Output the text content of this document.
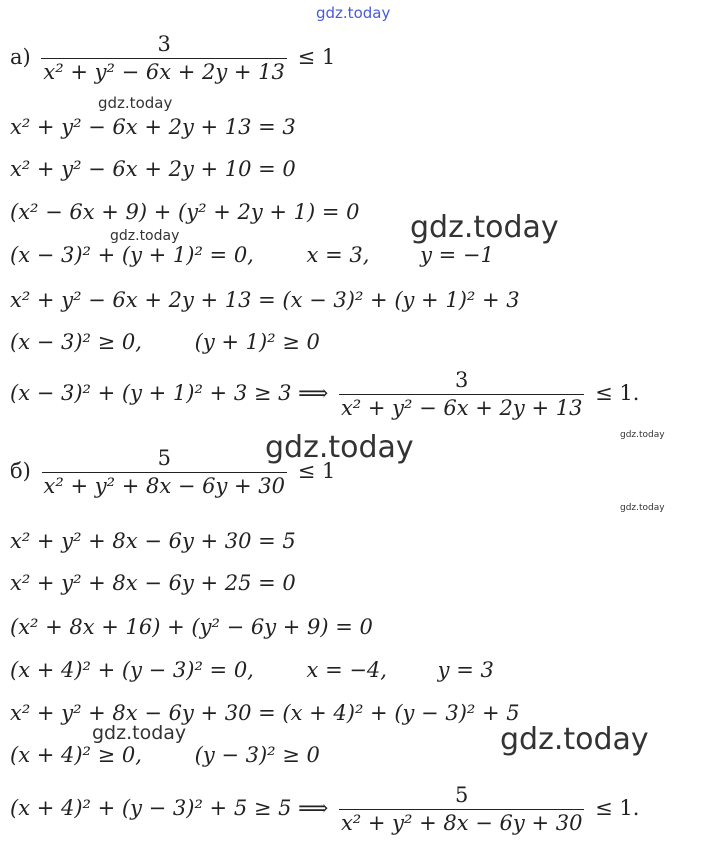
gdz.today
gdz.today
gdz.today	gdz.today
gdz.today
gdz.today
gdz.today
gdz.today	gdz.today
$а) \frac{3}{\text{x² + y² − 6x + 2y + 13}} \le 1$
x² + y² − 6x + 2y + 13 = 3
x² + y² − 6x + 2y + 10 = 0
(x² − 6x + 9) + (y² + 2y + 1) = 0
(x − 3)² + (y + 1)² = 0,	x = 3, y = −1
x² + y² − 6x + 2y + 13 = (x − 3)² + (y + 1)² + 3
(x − 3)² ≥ 0,	(y + 1)² ≥ 0
(x − 3)² + (y + 1)² + 3 ≥ 3 ⟹ $\frac{3}{\text{x² + y² − 6x + 2y + 13}} \le 1$.
$б) \frac{5}{\text{x² + y² + 8x − 6y + 30}} \le 1$
x² + y² + 8x − 6y + 30 = 5
x² + y² + 8x − 6y + 25 = 0
(x² + 8x + 16) + (y² − 6y + 9) = 0
(x + 4)² + (y − 3)² = 0,	x = −4, y = 3
x² + y² + 8x − 6y + 30 = (x + 4)² + (y − 3)² + 5
(x + 4)² ≥ 0,	(y − 3)² ≥ 0
(x + 4)² + (y − 3)² + 5 ≥ 5 ⟹ $\frac{5}{\text{x² + y² + 8x − 6y + 30}} \le 1$.
